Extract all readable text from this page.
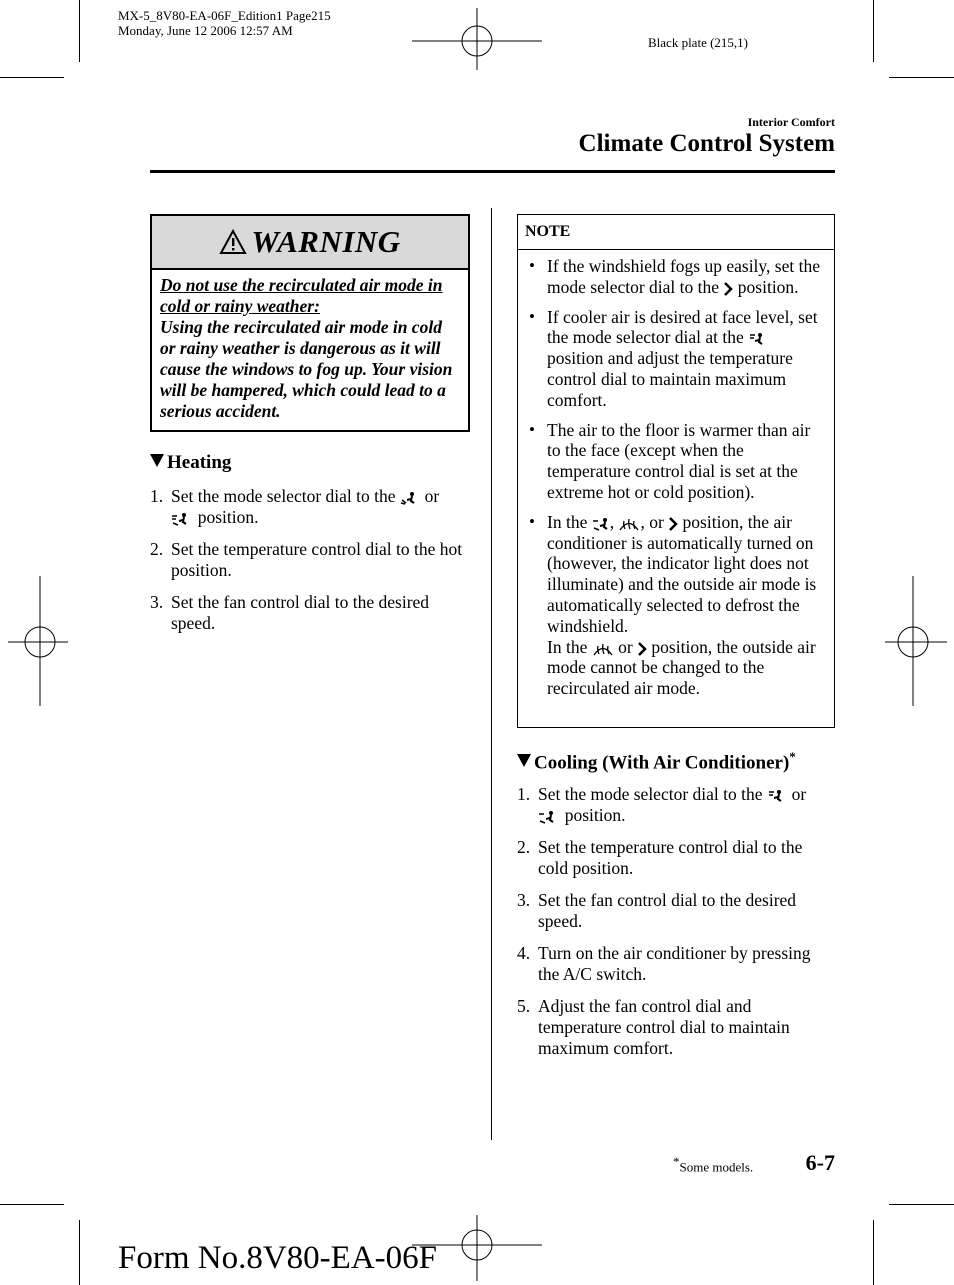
MX-5_8V80-EA-06F_Edition1 Page215
Monday, June 12 2006 12:57 AM
Black plate (215,1)
Interior Comfort
Climate Control System
WARNING
Do not use the recirculated air mode in cold or rainy weather:
Using the recirculated air mode in cold or rainy weather is dangerous as it will cause the windows to fog up. Your vision will be hampered, which could lead to a serious accident.
Heating
1. Set the mode selector dial to the or
position.
2. Set the temperature control dial to the hot position.
3. Set the fan control dial to the desired speed.
NOTE
• If the windshield fogs up easily, set the mode selector dial to the position.
• If cooler air is desired at face level, set the mode selector dial at the  position and adjust the temperature control dial to maintain maximum comfort.
• The air to the floor is warmer than air to the face (except when the temperature control dial is set at the extreme hot or cold position).
• In the , , or position, the air conditioner is automatically turned on (however, the indicator light does not illuminate) and the outside air mode is automatically selected to defrost the windshield.
In the or position, the outside air mode cannot be changed to the recirculated air mode.
Cooling (With Air Conditioner)*
1. Set the mode selector dial to the or
position.
2. Set the temperature control dial to the cold position.
3. Set the fan control dial to the desired speed.
4. Turn on the air conditioner by pressing the A/C switch.
5. Adjust the fan control dial and temperature control dial to maintain maximum comfort.
*Some models. 6-7
Form No.8V80-EA-06F
